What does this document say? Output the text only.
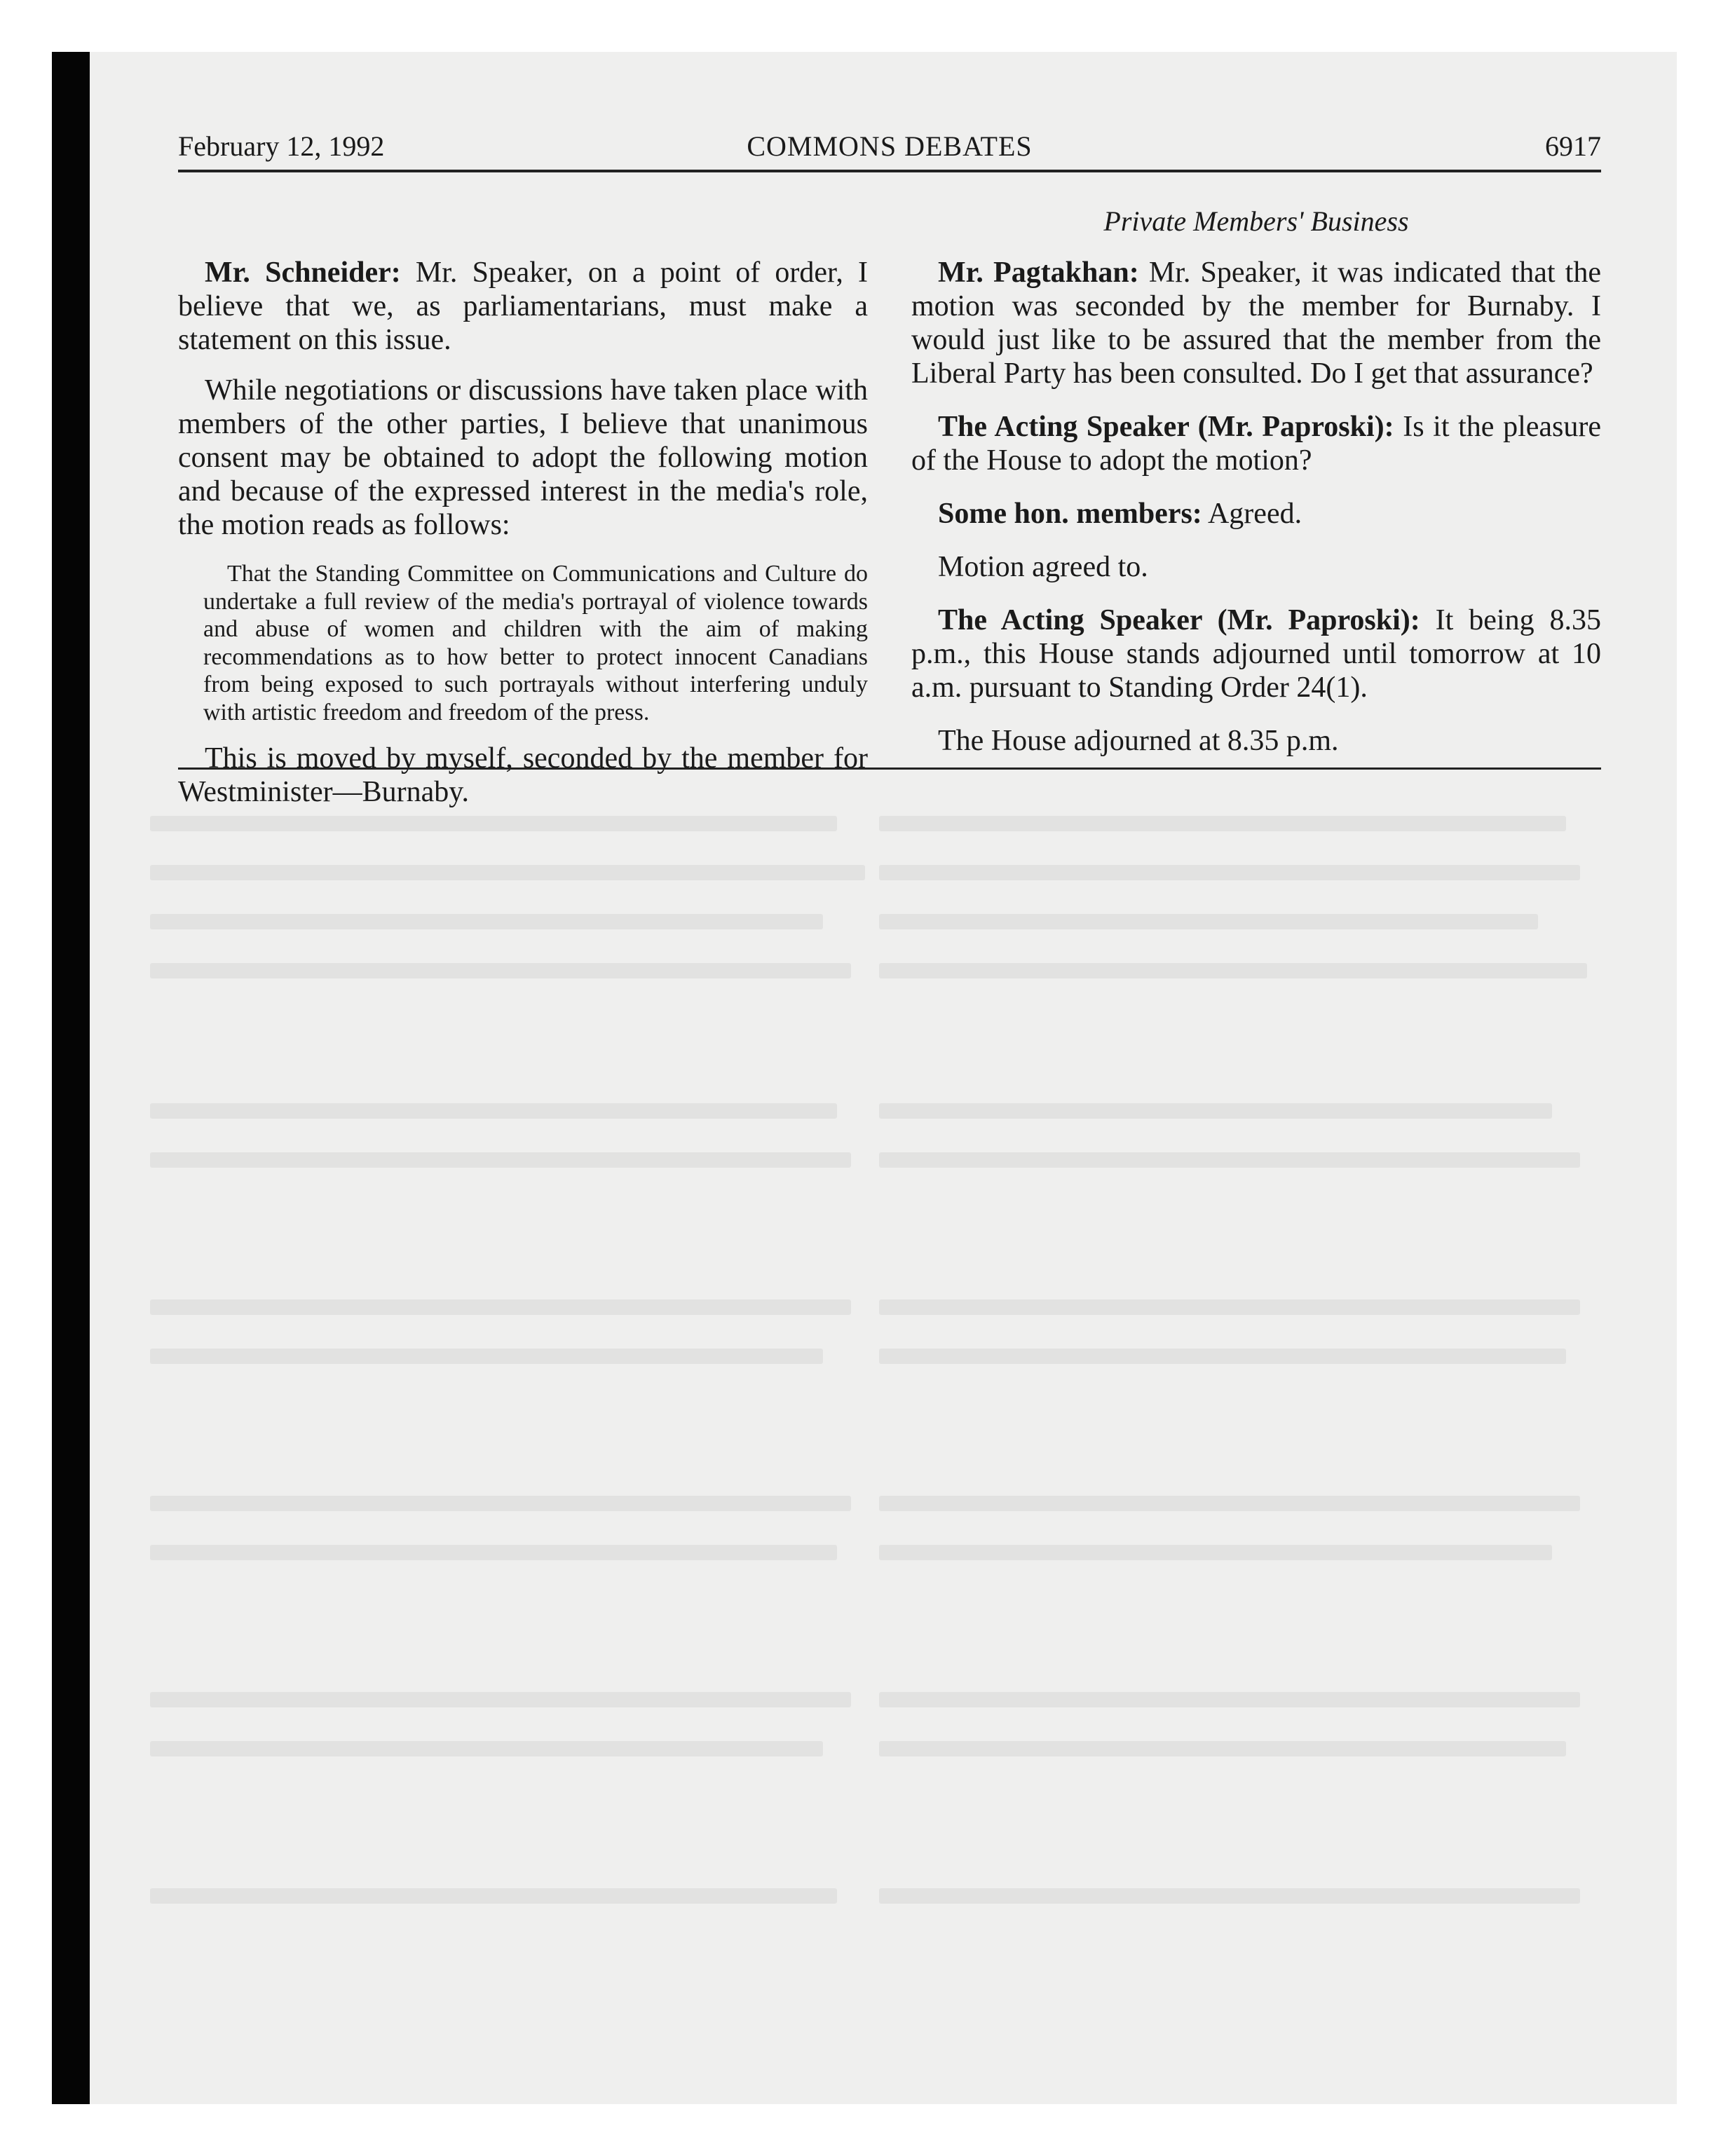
February 12, 1992	COMMONS DEBATES	6917
Private Members' Business

Mr. Schneider: Mr. Speaker, on a point of order, I believe that we, as parliamentarians, must make a statement on this issue.

While negotiations or discussions have taken place with members of the other parties, I believe that unanimous consent may be obtained to adopt the following motion and because of the expressed interest in the media's role, the motion reads as follows:

That the Standing Committee on Communications and Culture do undertake a full review of the media's portrayal of violence towards and abuse of women and children with the aim of making recommendations as to how better to protect innocent Canadians from being exposed to such portrayals without interfering unduly with artistic freedom and freedom of the press.

This is moved by myself, seconded by the member for Westminister—Burnaby.

Mr. Pagtakhan: Mr. Speaker, it was indicated that the motion was seconded by the member for Burnaby. I would just like to be assured that the member from the Liberal Party has been consulted. Do I get that assurance?

The Acting Speaker (Mr. Paproski): Is it the pleasure of the House to adopt the motion?

Some hon. members: Agreed.

Motion agreed to.

The Acting Speaker (Mr. Paproski): It being 8.35 p.m., this House stands adjourned until tomorrow at 10 a.m. pursuant to Standing Order 24(1).

The House adjourned at 8.35 p.m.
